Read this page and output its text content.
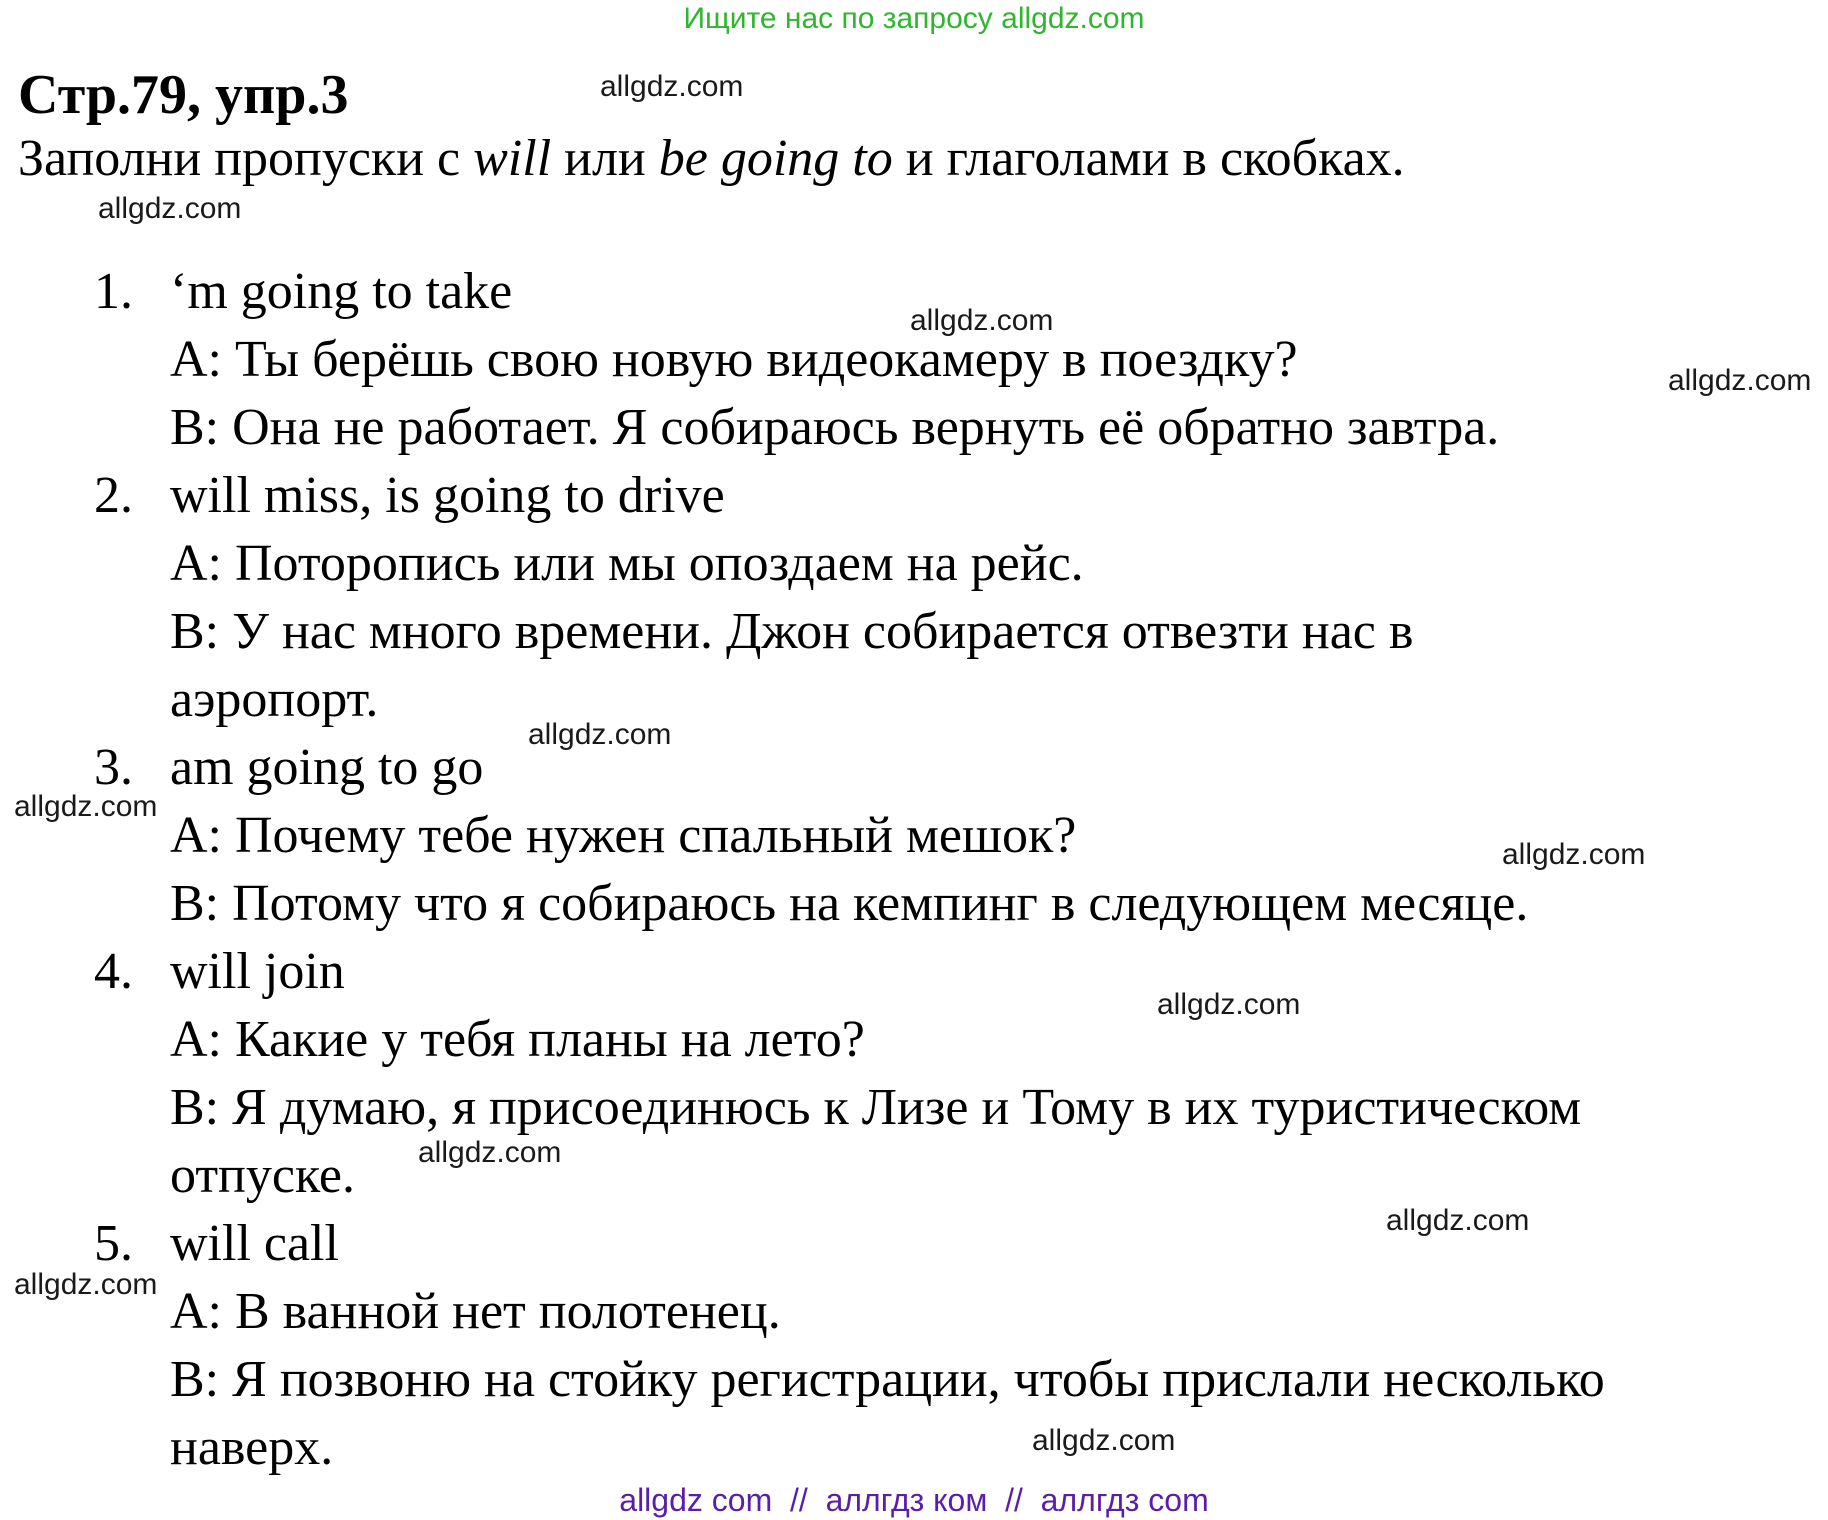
Ищите нас по запросу allgdz.com
Стр.79, упр.3
Заполни пропуски с will или be going to и глаголами в скобках.
1. ‘m going to take
A: Ты берёшь свою новую видеокамеру в поездку?
B: Она не работает. Я собираюсь вернуть её обратно завтра.
2. will miss, is going to drive
A: Поторопись или мы опоздаем на рейс.
B: У нас много времени. Джон собирается отвезти нас в
аэропорт.
3. am going to go
A: Почему тебе нужен спальный мешок?
B: Потому что я собираюсь на кемпинг в следующем месяце.
4. will join
A: Какие у тебя планы на лето?
B: Я думаю, я присоединюсь к Лизе и Тому в их туристическом
отпуске.
5. will call
A: В ванной нет полотенец.
B: Я позвоню на стойку регистрации, чтобы прислали несколько
наверх.
allgdz.com
allgdz.com
allgdz.com
allgdz.com
allgdz.com
allgdz.com
allgdz.com
allgdz.com
allgdz.com
allgdz.com
allgdz.com
allgdz.com
allgdz com  //  аллгдз ком  //  аллгдз com
